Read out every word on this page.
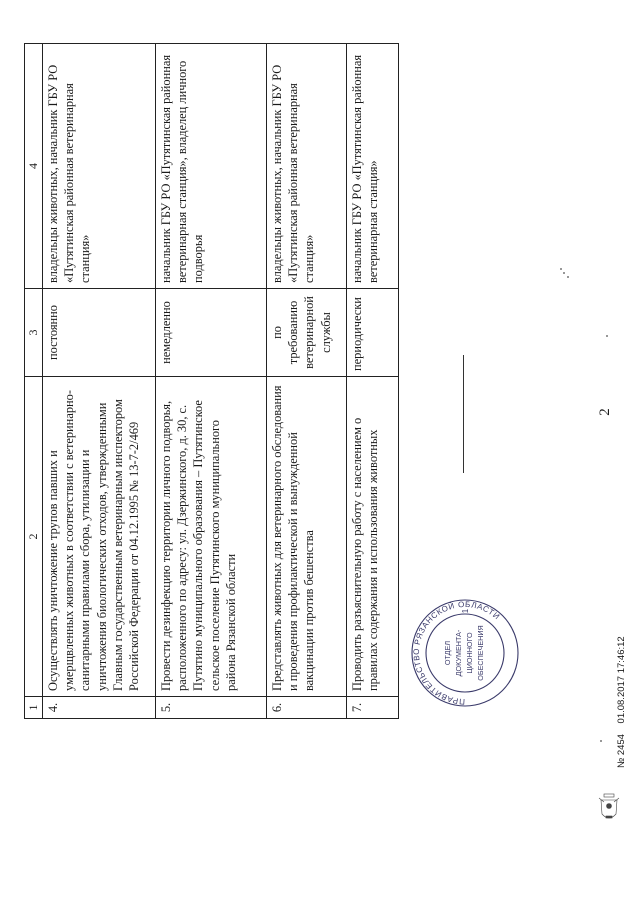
2
1	2	3	4
4.	Осуществлять уничтожение трупов павших и умерщвленных животных в соответствии с ветеринарно-санитарными правилами сбора, утилизации и уничтожения биологических отходов, утвержденными Главным государственным ветеринарным инспектором Российской Федерации от 04.12.1995 № 13-7-2/469	постоянно	владельцы животных, начальник ГБУ РО «Путятинская районная ветеринарная станция»
5.	Провести дезинфекцию территории личного подворья, расположенного по адресу: ул. Дзержинского, д. 30, с. Путятино муниципального образования – Путятинское сельское поселение Путятинского муниципального района Рязанской области	немедленно	начальник ГБУ РО «Путятинская районная ветеринарная станция», владелец личного подворья
6.	Представлять животных для ветеринарного обследования и проведения профилактической и вынужденной вакцинации против бешенства	по требованию ветеринарной службы	владельцы животных, начальник ГБУ РО «Путятинская районная ветеринарная станция»
7.	Проводить разъяснительную работу с населением о правилах содержания и использования животных	периодически	начальник ГБУ РО «Путятинская районная ветеринарная станция»
ПРАВИТЕЛЬСТВО РЯЗАНСКОЙ ОБЛАСТИ
ОТДЕЛ ДОКУМЕНТА- ЦИОННОГО ОБЕСПЕЧЕНИЯ
1
№ 2454    01.08.2017 17:46:12
